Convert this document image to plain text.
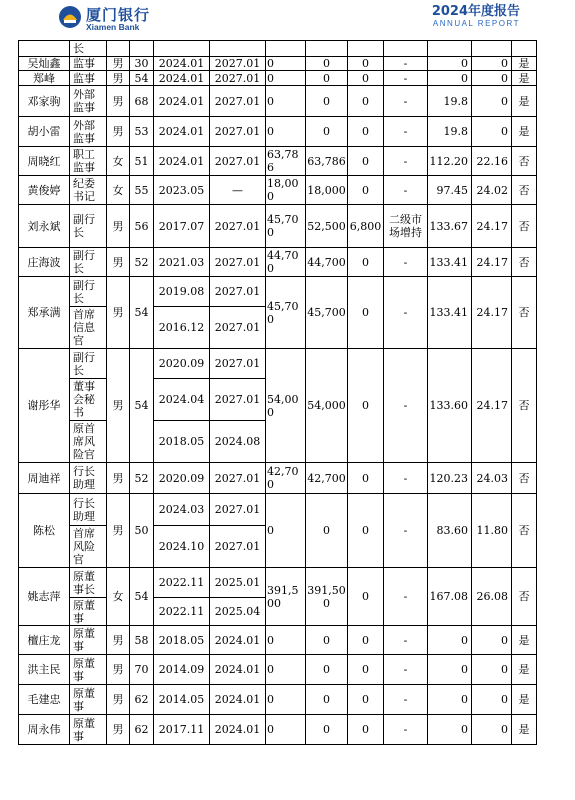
厦门银行
Xiamen Bank
2024年度报告
ANNUAL REPORT
	长											
吴灿鑫	监事	男	30	2024.01	2027.01	0	0	0	-	0	0	是
郑峰	监事	男	54	2024.01	2027.01	0	0	0	-	0	0	是
邓家驹	外部监事	男	68	2024.01	2027.01	0	0	0	-	19.8	0	是
胡小雷	外部监事	男	53	2024.01	2027.01	0	0	0	-	19.8	0	是
周晓红	职工监事	女	51	2024.01	2027.01	63,786	63,786	0	-	112.20	22.16	否
黄俊婷	纪委书记	女	55	2023.05	—	18,000	18,000	0	-	97.45	24.02	否
刘永斌	副行长	男	56	2017.07	2027.01	45,700	52,500	6,800	二级市场增持	133.67	24.17	否
庄海波	副行长	男	52	2021.03	2027.01	44,700	44,700	0	-	133.41	24.17	否
郑承满	副行长	男	54	2019.08	2027.01	45,700	45,700	0	-	133.41	24.17	否
	首席信息官			2016.12	2027.01							
谢彤华	副行长	男	54	2020.09	2027.01	54,000	54,000	0	-	133.60	24.17	否
	董事会秘书			2024.04	2027.01							
	原首席风险官			2018.05	2024.08							
周迪祥	行长助理	男	52	2020.09	2027.01	42,700	42,700	0	-	120.23	24.03	否
陈松	行长助理	男	50	2024.03	2027.01	0	0	0	-	83.60	11.80	否
	首席风险官			2024.10	2027.01							
姚志萍	原董事长	女	54	2022.11	2025.01	391,500	391,500	0	-	167.08	26.08	否
	原董事			2022.11	2025.04							
檀庄龙	原董事	男	58	2018.05	2024.01	0	0	0	-	0	0	是
洪主民	原董事	男	70	2014.09	2024.01	0	0	0	-	0	0	是
毛建忠	原董事	男	62	2014.05	2024.01	0	0	0	-	0	0	是
周永伟	原董事	男	62	2017.11	2024.01	0	0	0	-	0	0	是
